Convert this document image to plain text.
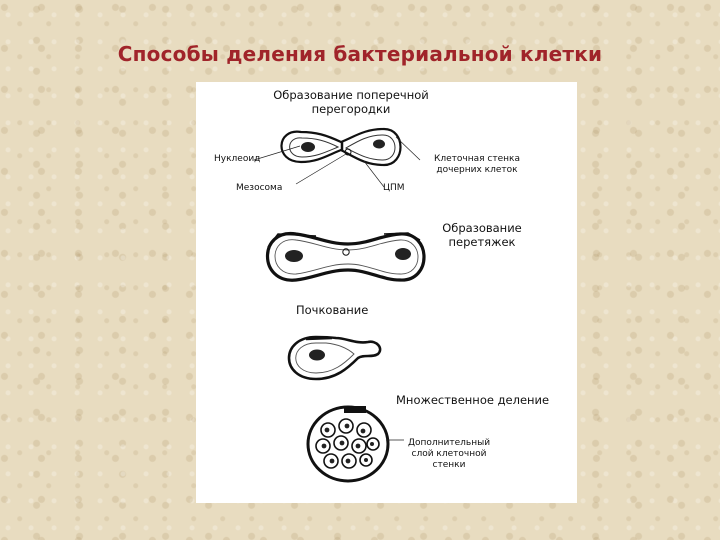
Способы деления бактериальной клетки
Образование поперечной
перегородки
Нуклеоид	Клеточная стенка
дочерних клеток
Мезосома	ЦПМ
Образование
перетяжек
Почкование
Множественное деление
Дополнительный
слой клеточной
стенки
